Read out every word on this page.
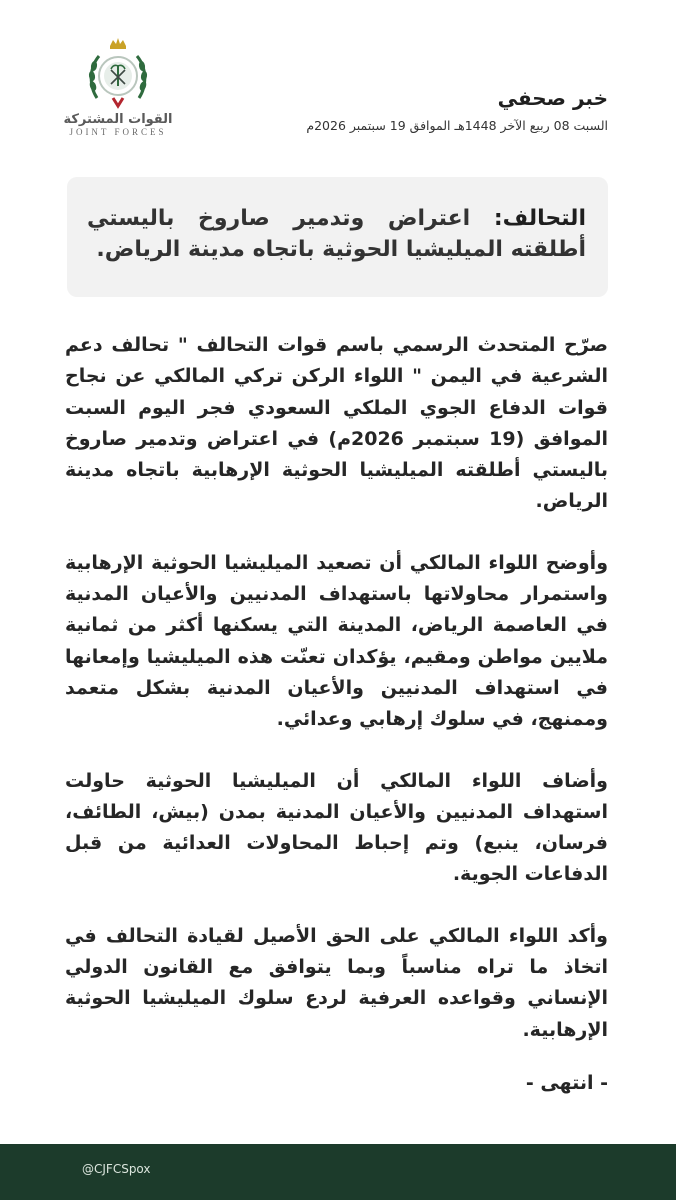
خبر صحفي
السبت 08 ربيع الآخر 1448هـ الموافق 19 سبتمبر 2026م
القوات المشتركة
JOINT FORCES
التحالف: اعتراض وتدمير صاروخ باليستي أطلقته الميليشيا الحوثية باتجاه مدينة الرياض.

صرّح المتحدث الرسمي باسم قوات التحالف " تحالف دعم الشرعية في اليمن " اللواء الركن تركي المالكي عن نجاح قوات الدفاع الجوي الملكي السعودي فجر اليوم السبت الموافق (19 سبتمبر 2026م) في اعتراض وتدمير صاروخ باليستي أطلقته الميليشيا الحوثية الإرهابية باتجاه مدينة الرياض.

وأوضح اللواء المالكي أن تصعيد الميليشيا الحوثية الإرهابية واستمرار محاولاتها باستهداف المدنيين والأعيان المدنية في العاصمة الرياض، المدينة التي يسكنها أكثر من ثمانية ملايين مواطن ومقيم، يؤكدان تعنّت هذه الميليشيا وإمعانها في استهداف المدنيين والأعيان المدنية بشكل متعمد وممنهج، في سلوك إرهابي وعدائي.

وأضاف اللواء المالكي أن الميليشيا الحوثية حاولت استهداف المدنيين والأعيان المدنية بمدن (بيش، الطائف، فرسان، ينبع) وتم إحباط المحاولات العدائية من قبل الدفاعات الجوية.

وأكد اللواء المالكي على الحق الأصيل لقيادة التحالف في اتخاذ ما تراه مناسباً وبما يتوافق مع القانون الدولي الإنساني وقواعده العرفية لردع سلوك الميليشيا الحوثية الإرهابية.

- انتهى -
@CJFCSpox
